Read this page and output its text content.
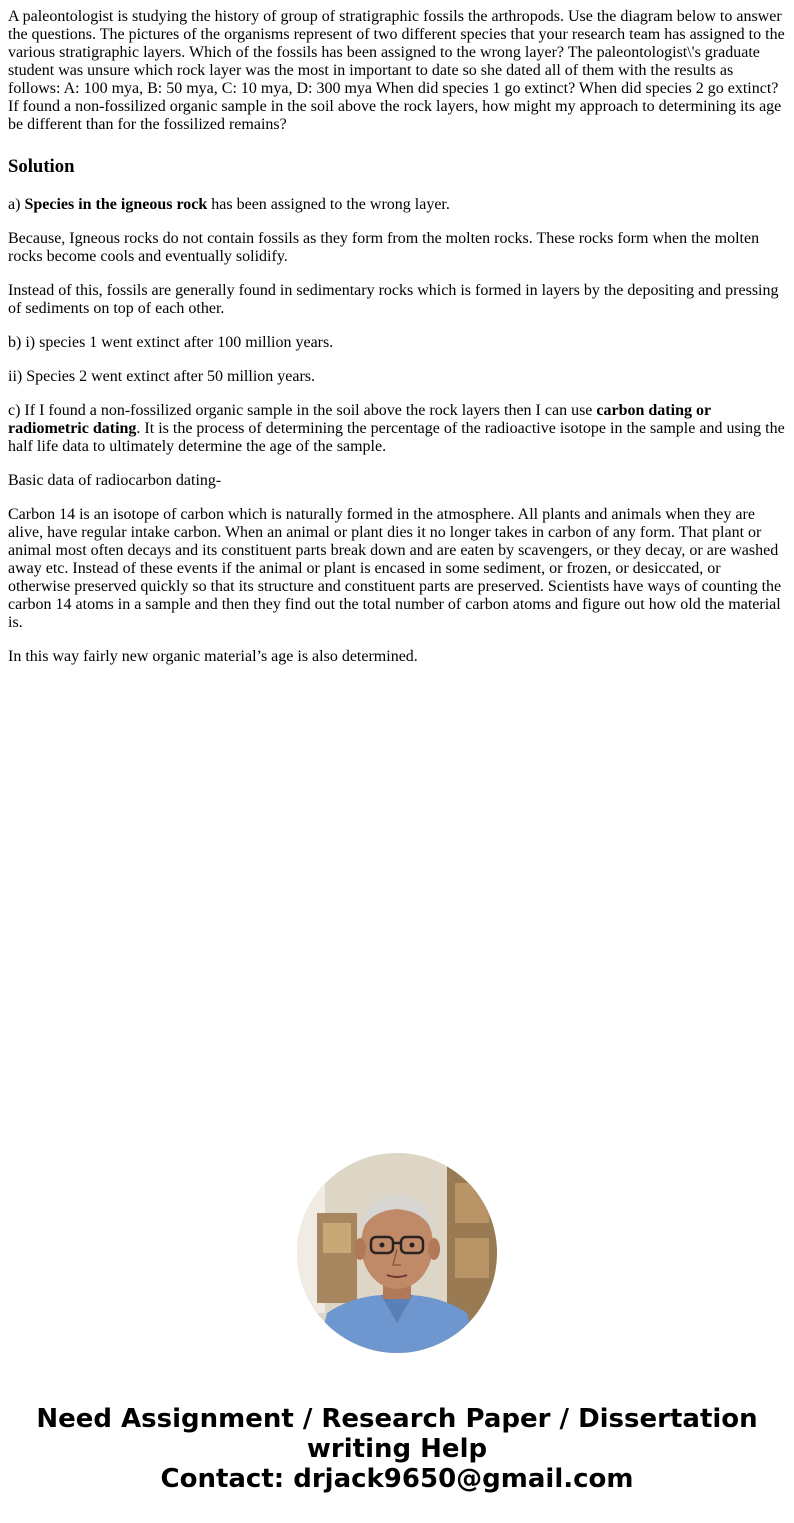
A paleontologist is studying the history of group of stratigraphic fossils the arthropods. Use the diagram below to answer the questions. The pictures of the organisms represent of two different species that your research team has assigned to the various stratigraphic layers. Which of the fossils has been assigned to the wrong layer? The paleontologist\'s graduate student was unsure which rock layer was the most in important to date so she dated all of them with the results as follows: A: 100 mya, B: 50 mya, C: 10 mya, D: 300 mya When did species 1 go extinct? When did species 2 go extinct? If found a non-fossilized organic sample in the soil above the rock layers, how might my approach to determining its age be different than for the fossilized remains?

Solution

a) Species in the igneous rock has been assigned to the wrong layer.

Because, Igneous rocks do not contain fossils as they form from the molten rocks. These rocks form when the molten rocks become cools and eventually solidify.

Instead of this, fossils are generally found in sedimentary rocks which is formed in layers by the depositing and pressing of sediments on top of each other.

b) i) species 1 went extinct after 100 million years.

ii) Species 2 went extinct after 50 million years.

c) If I found a non-fossilized organic sample in the soil above the rock layers then I can use carbon dating or radiometric dating. It is the process of determining the percentage of the radioactive isotope in the sample and using the half life data to ultimately determine the age of the sample.

Basic data of radiocarbon dating-

Carbon 14 is an isotope of carbon which is naturally formed in the atmosphere. All plants and animals when they are alive, have regular intake carbon. When an animal or plant dies it no longer takes in carbon of any form. That plant or animal most often decays and its constituent parts break down and are eaten by scavengers, or they decay, or are washed away etc. Instead of these events if the animal or plant is encased in some sediment, or frozen, or desiccated, or otherwise preserved quickly so that its structure and constituent parts are preserved. Scientists have ways of counting the carbon 14 atoms in a sample and then they find out the total number of carbon atoms and figure out how old the material is.

In this way fairly new organic material’s age is also determined.

Need Assignment / Research Paper / Dissertation
writing Help
Contact: drjack9650@gmail.com
